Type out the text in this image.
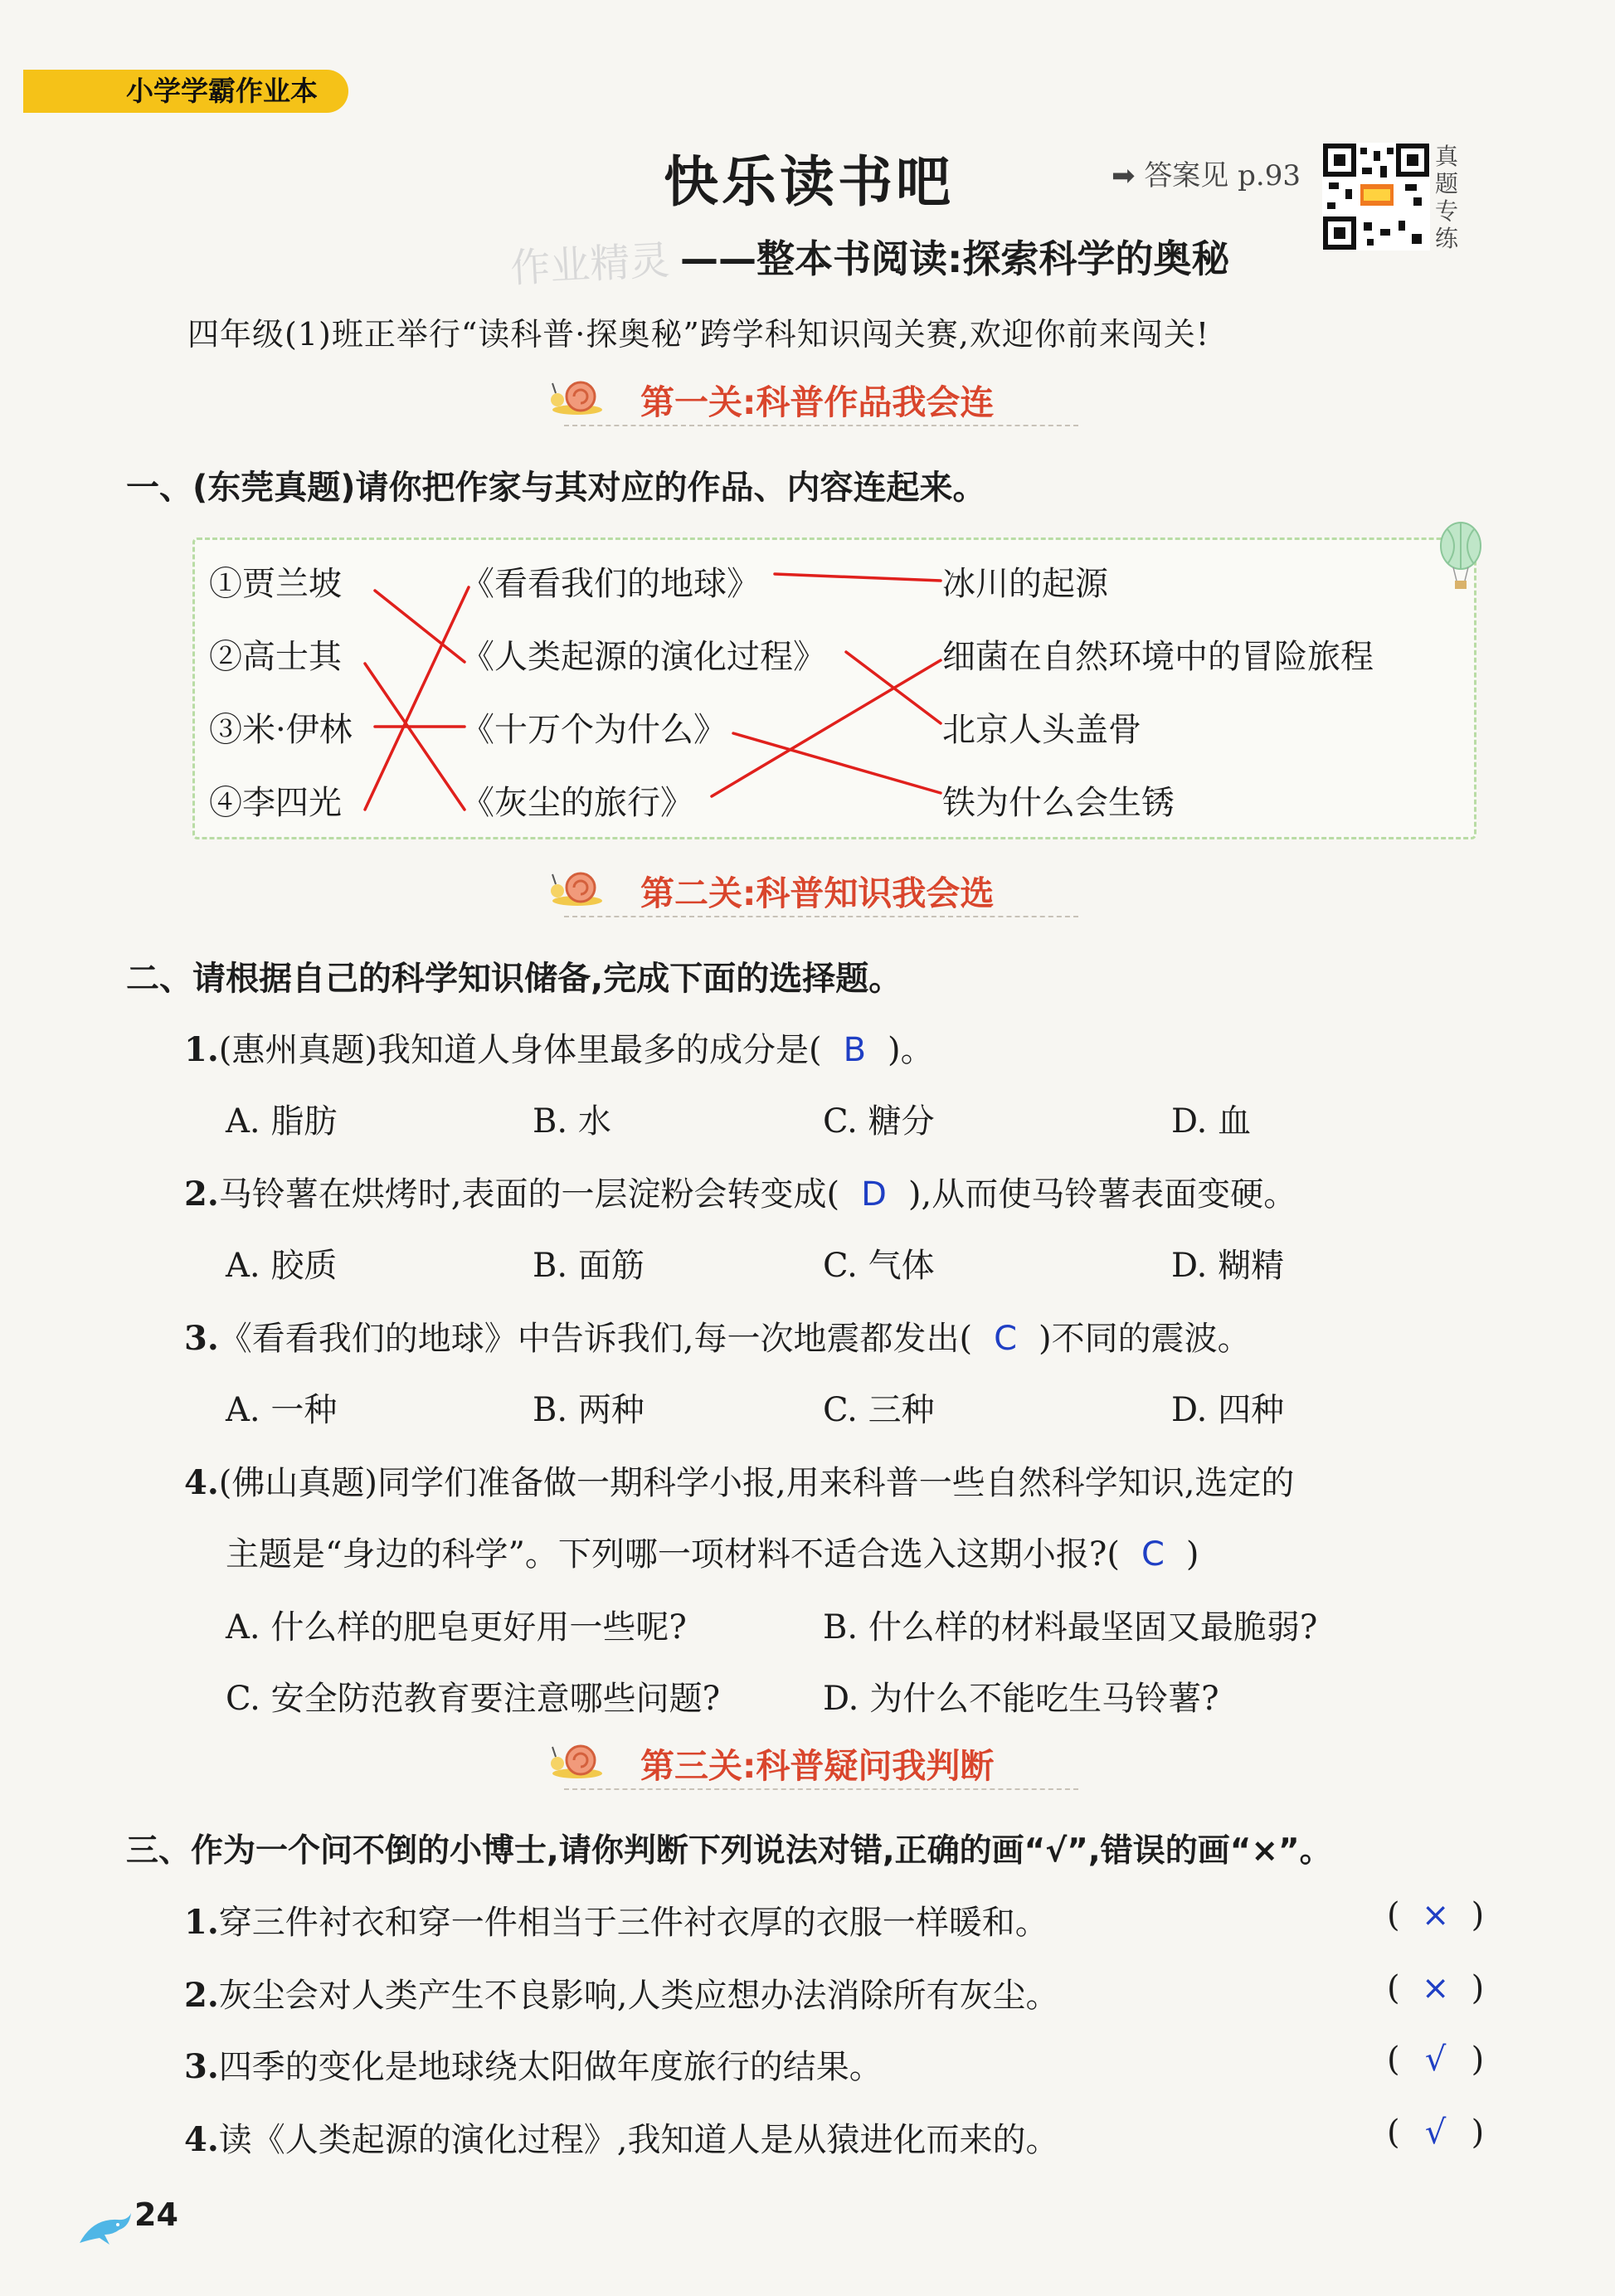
小学学霸作业本
快乐读书吧	➡ 答案见 p.93
真
题
专
练
作业精灵 ——整本书阅读:探索科学的奥秘
四年级(1)班正举行“读科普·探奥秘”跨学科知识闯关赛,欢迎你前来闯关!
第一关:科普作品我会连
一、(东莞真题)请你把作家与其对应的作品、内容连起来。
①贾兰坡
②高士其
③米·伊林
④李四光
《看看我们的地球》
《人类起源的演化过程》
《十万个为什么》
《灰尘的旅行》
冰川的起源
细菌在自然环境中的冒险旅程
北京人头盖骨
铁为什么会生锈
第二关:科普知识我会选
二、请根据自己的科学知识储备,完成下面的选择题。
1.(惠州真题)我知道人身体里最多的成分是( B )。
A. 脂肪	B. 水	C. 糖分	D. 血
2.马铃薯在烘烤时,表面的一层淀粉会转变成( D ),从而使马铃薯表面变硬。
A. 胶质	B. 面筋	C. 气体	D. 糊精
3.《看看我们的地球》中告诉我们,每一次地震都发出( C )不同的震波。
A. 一种	B. 两种	C. 三种	D. 四种
4.(佛山真题)同学们准备做一期科学小报,用来科普一些自然科学知识,选定的
主题是“身边的科学”。下列哪一项材料不适合选入这期小报?( C )
A. 什么样的肥皂更好用一些呢?	B. 什么样的材料最坚固又最脆弱?
C. 安全防范教育要注意哪些问题?	D. 为什么不能吃生马铃薯?
第三关:科普疑问我判断
三、作为一个问不倒的小博士,请你判断下列说法对错,正确的画“√”,错误的画“×”。
1.穿三件衬衣和穿一件相当于三件衬衣厚的衣服一样暖和。	( × )
2.灰尘会对人类产生不良影响,人类应想办法消除所有灰尘。	( × )
3.四季的变化是地球绕太阳做年度旅行的结果。	( √ )
4.读《人类起源的演化过程》,我知道人是从猿进化而来的。	( √ )
24
